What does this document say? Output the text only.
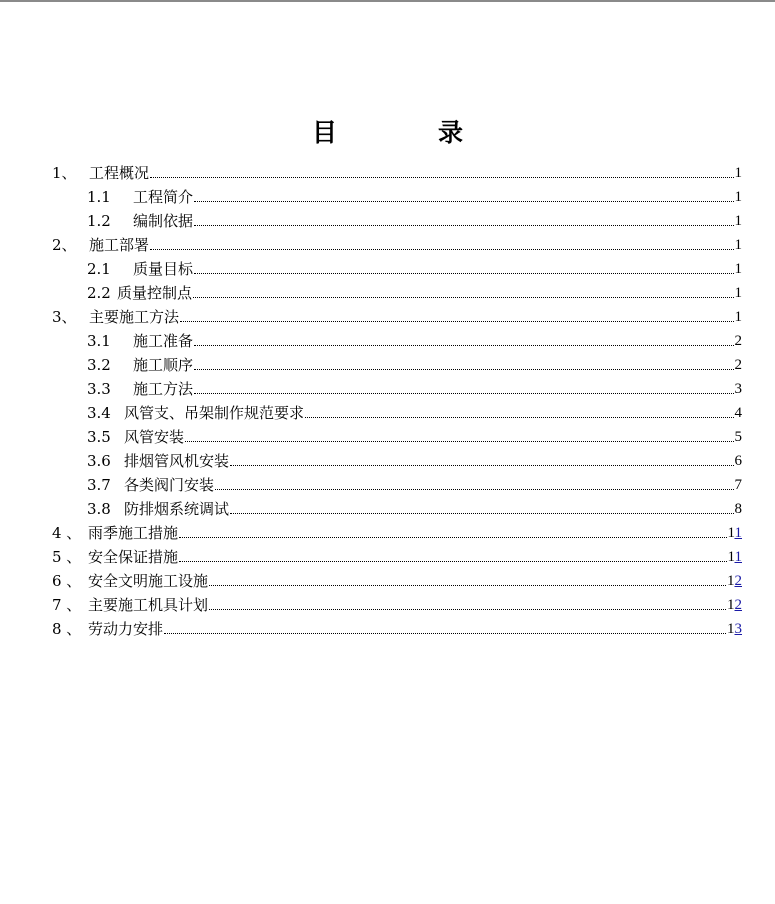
目　录
1、 工程概况	1
1.1	工程简介	1
1.2	编制依据	1
2、 施工部署	1
2.1	质量目标	1
2.2 质量控制点	1
3、 主要施工方法	1
3.1	施工准备	2
3.2	施工顺序	2
3.3	施工方法	3
3.4 风管支、吊架制作规范要求	4
3.5 风管安装	5
3.6 排烟管风机安装	6
3.7 各类阀门安装	7
3.8 防排烟系统调试	8
4 、 雨季施工措施	11
5 、 安全保证措施	11
6 、 安全文明施工设施	12
7 、 主要施工机具计划	12
8 、 劳动力安排	13
